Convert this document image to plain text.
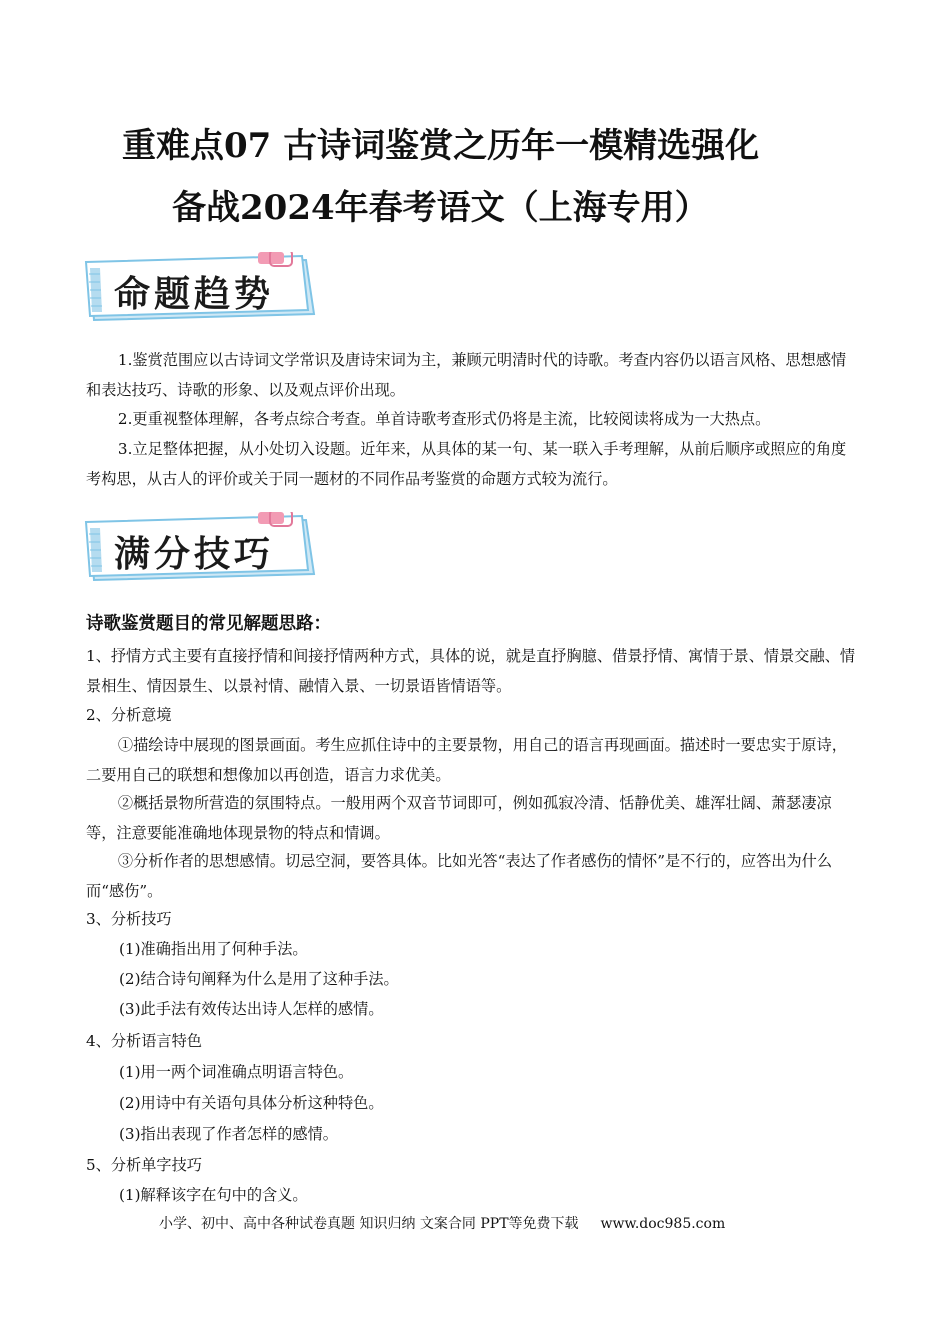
重难点07 古诗词鉴赏之历年一模精选强化
备战2024年春考语文（上海专用）
命题趋势

1.鉴赏范围应以古诗词文学常识及唐诗宋词为主，兼顾元明清时代的诗歌。考查内容仍以语言风格、思想感情和表达技巧、诗歌的形象、以及观点评价出现。

2.更重视整体理解，各考点综合考查。单首诗歌考查形式仍将是主流，比较阅读将成为一大热点。

3.立足整体把握，从小处切入设题。近年来，从具体的某一句、某一联入手考理解，从前后顺序或照应的角度考构思，从古人的评价或关于同一题材的不同作品考鉴赏的命题方式较为流行。

满分技巧
诗歌鉴赏题目的常见解题思路：

1、抒情方式主要有直接抒情和间接抒情两种方式，具体的说，就是直抒胸臆、借景抒情、寓情于景、情景交融、情景相生、情因景生、以景衬情、融情入景、一切景语皆情语等。

2、分析意境

①描绘诗中展现的图景画面。考生应抓住诗中的主要景物，用自己的语言再现画面。描述时一要忠实于原诗，二要用自己的联想和想像加以再创造，语言力求优美。

②概括景物所营造的氛围特点。一般用两个双音节词即可，例如孤寂冷清、恬静优美、雄浑壮阔、萧瑟凄凉等，注意要能准确地体现景物的特点和情调。

③分析作者的思想感情。切忌空洞，要答具体。比如光答“表达了作者感伤的情怀”是不行的，应答出为什么而“感伤”。

3、分析技巧

(1)准确指出用了何种手法。

(2)结合诗句阐释为什么是用了这种手法。

(3)此手法有效传达出诗人怎样的感情。

4、分析语言特色

(1)用一两个词准确点明语言特色。

(2)用诗中有关语句具体分析这种特色。

(3)指出表现了作者怎样的感情。

5、分析单字技巧

(1)解释该字在句中的含义。

小学、初中、高中各种试卷真题 知识归纳 文案合同 PPT等免费下载 www.doc985.com
